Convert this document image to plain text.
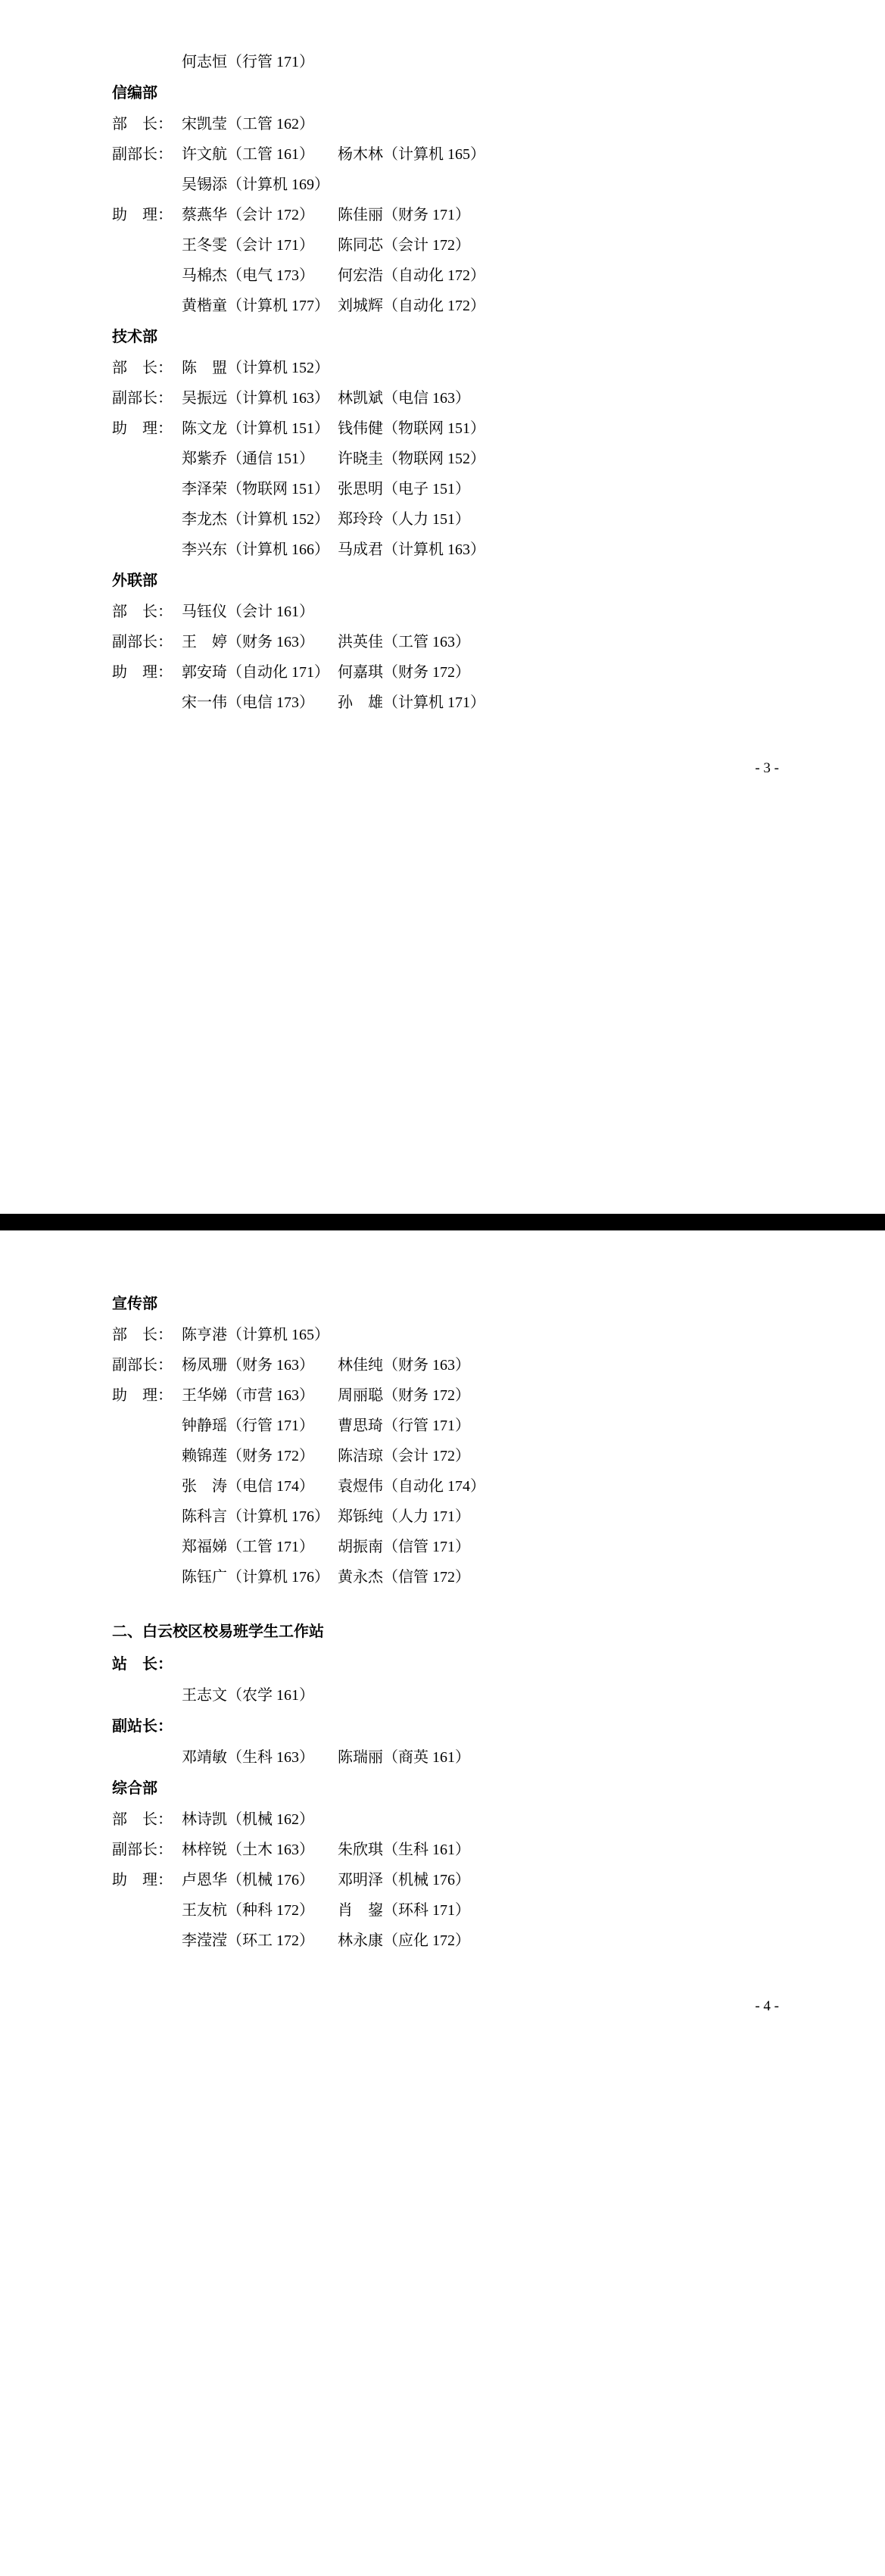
何志恒（行管 171）
信编部
部　长： 宋凯莹（工管 162）
副部长： 许文航（工管 161）	杨木林（计算机 165）
吴锡添（计算机 169）
助　理： 蔡燕华（会计 172）	陈佳丽（财务 171）
王冬雯（会计 171）	陈同芯（会计 172）
马棉杰（电气 173）	何宏浩（自动化 172）
黄楷童（计算机 177） 刘城辉（自动化 172）
技术部
部　长： 陈　盟（计算机 152）
副部长： 吴振远（计算机 163） 林凯斌（电信 163）
助　理： 陈文龙（计算机 151） 钱伟健（物联网 151）
郑紫乔（通信 151）	许晓圭（物联网 152）
李泽荣（物联网 151） 张思明（电子 151）
李龙杰（计算机 152） 郑玲玲（人力 151）
李兴东（计算机 166） 马成君（计算机 163）
外联部
部　长： 马钰仪（会计 161）
副部长： 王　婷（财务 163）	洪英佳（工管 163）
助　理： 郭安琦（自动化 171） 何嘉琪（财务 172）
宋一伟（电信 173）	孙　雄（计算机 171）
- 3 -
宣传部
部　长： 陈亨港（计算机 165）
副部长： 杨凤珊（财务 163）	林佳纯（财务 163）
助　理： 王华娣（市营 163）	周丽聪（财务 172）
钟静瑶（行管 171）	曹思琦（行管 171）
赖锦莲（财务 172）	陈洁琼（会计 172）
张　涛（电信 174）	袁煜伟（自动化 174）
陈科言（计算机 176） 郑铄纯（人力 171）
郑福娣（工管 171）	胡振南（信管 171）
陈钰广（计算机 176） 黄永杰（信管 172）
二、白云校区校易班学生工作站
站　长：
王志文（农学 161）
副站长：
邓靖敏（生科 163）	陈瑞丽（商英 161）
综合部
部　长： 林诗凯（机械 162）
副部长： 林梓锐（土木 163）	朱欣琪（生科 161）
助　理： 卢恩华（机械 176）	邓明泽（机械 176）
王友杭（种科 172）	肖　鋆（环科 171）
李滢滢（环工 172）	林永康（应化 172）
- 4 -
